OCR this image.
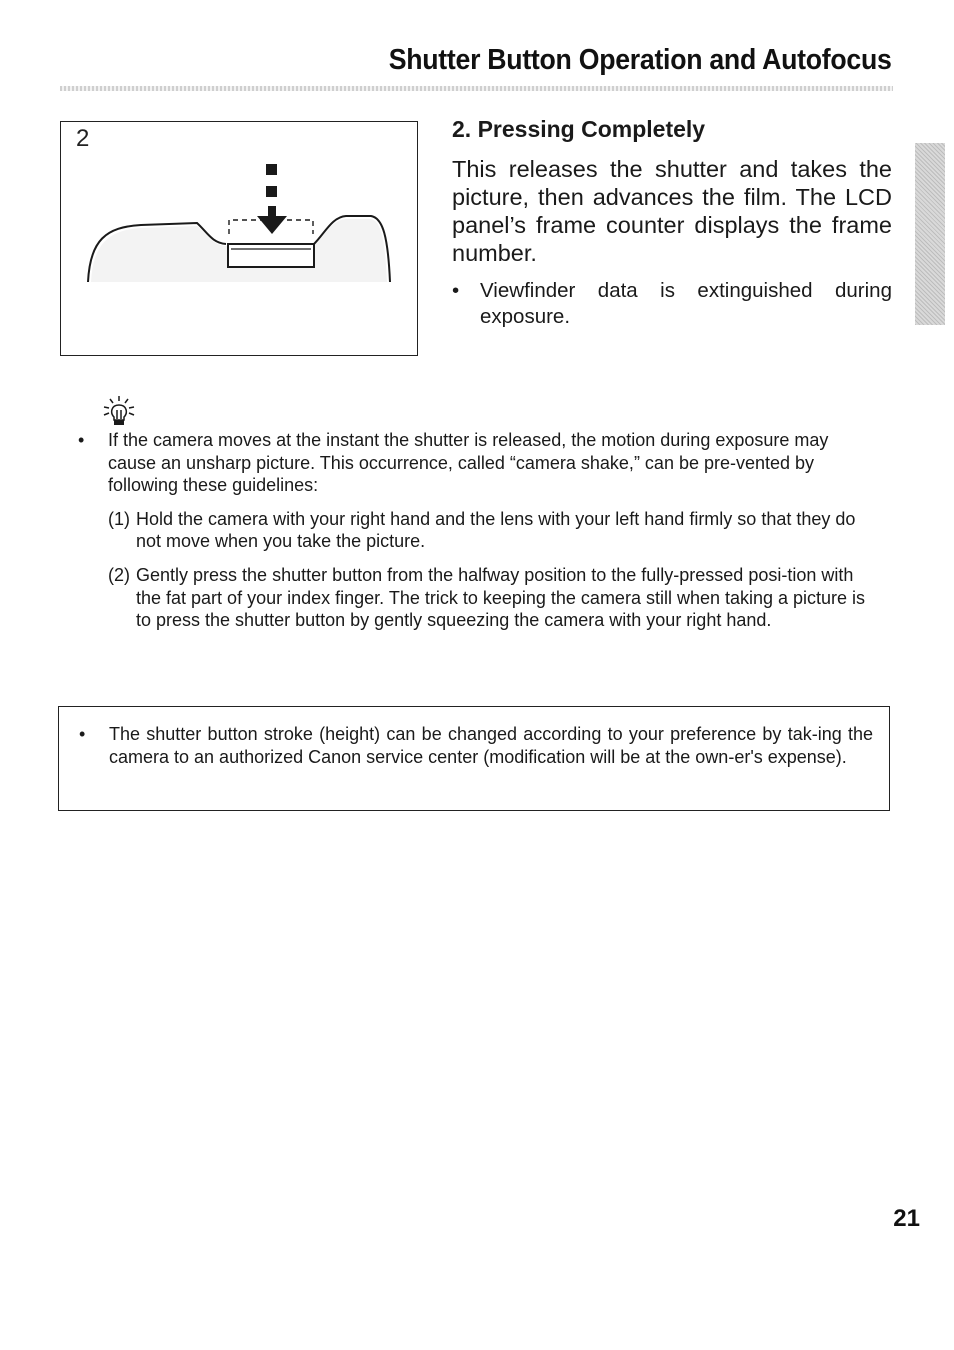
Shutter Button Operation and Autofocus
2	2. Pressing Completely

This releases the shutter and takes the picture, then advances the film. The LCD panel’s frame counter displays the frame number.

•	Viewfinder data is extinguished during exposure.
•	If the camera moves at the instant the shutter is released, the motion during exposure may cause an unsharp picture. This occurrence, called “camera shake,” can be pre-vented by following these guidelines:
(1) Hold the camera with your right hand and the lens with your left hand firmly so that they do not move when you take the picture.
(2) Gently press the shutter button from the halfway position to the fully-pressed posi-tion with the fat part of your index finger. The trick to keeping the camera still when taking a picture is to press the shutter button by gently squeezing the camera with your right hand.
•	The shutter button stroke (height) can be changed according to your preference by tak-ing the camera to an authorized Canon service center (modification will be at the own-er's expense).
21
